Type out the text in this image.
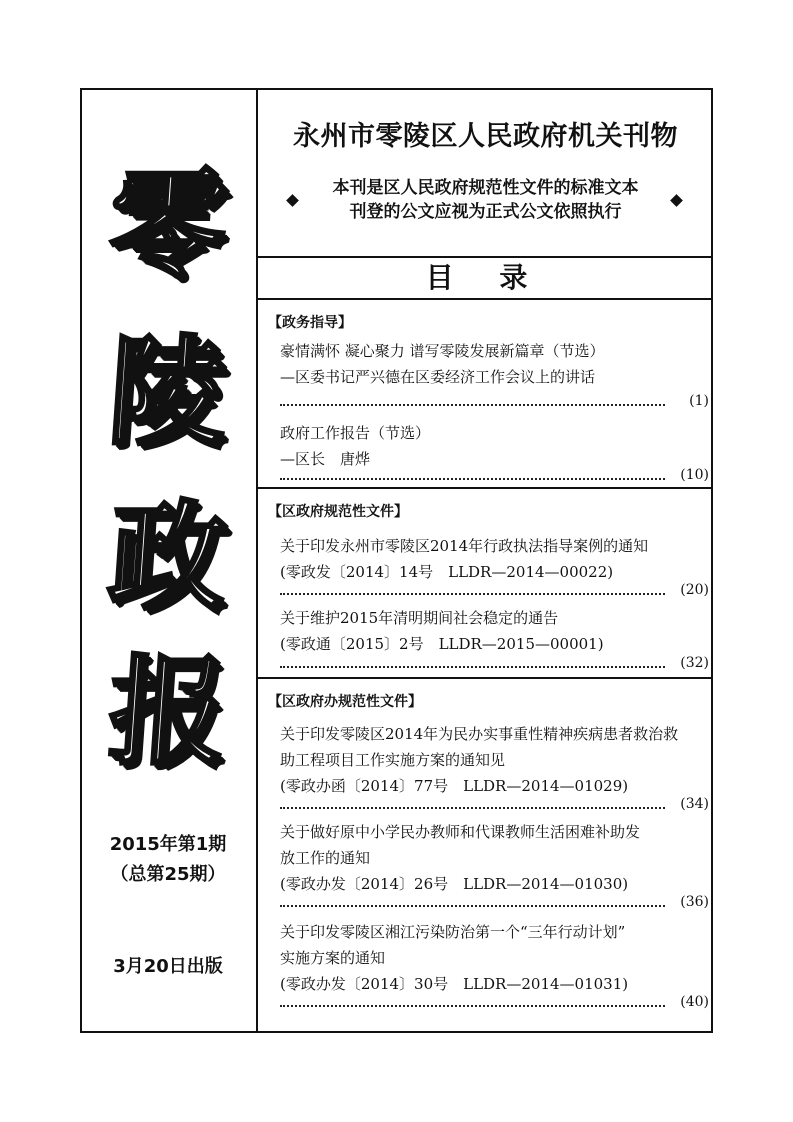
零
陵
政
报
2015年第1期
（总第25期）
3月20日出版
永州市零陵区人民政府机关刊物
本刊是区人民政府规范性文件的标准文本
刊登的公文应视为正式公文依照执行
目 录
【政务指导】
豪情满怀 凝心聚力 谱写零陵发展新篇章（节选）
—区委书记严兴德在区委经济工作会议上的讲话
(1)
政府工作报告（节选）
—区长　唐烨
(10)
【区政府规范性文件】
关于印发永州市零陵区2014年行政执法指导案例的通知
(零政发〔2014〕14号　LLDR—2014—00022)
(20)
关于维护2015年清明期间社会稳定的通告
(零政通〔2015〕2号　LLDR—2015—00001)
(32)
【区政府办规范性文件】
关于印发零陵区2014年为民办实事重性精神疾病患者救治救
助工程项目工作实施方案的通知见
(零政办函〔2014〕77号　LLDR—2014—01029)
(34)
关于做好原中小学民办教师和代课教师生活困难补助发
放工作的通知
(零政办发〔2014〕26号　LLDR—2014—01030)
(36)
关于印发零陵区湘江污染防治第一个“三年行动计划”
实施方案的通知
(零政办发〔2014〕30号　LLDR—2014—01031)
(40)
